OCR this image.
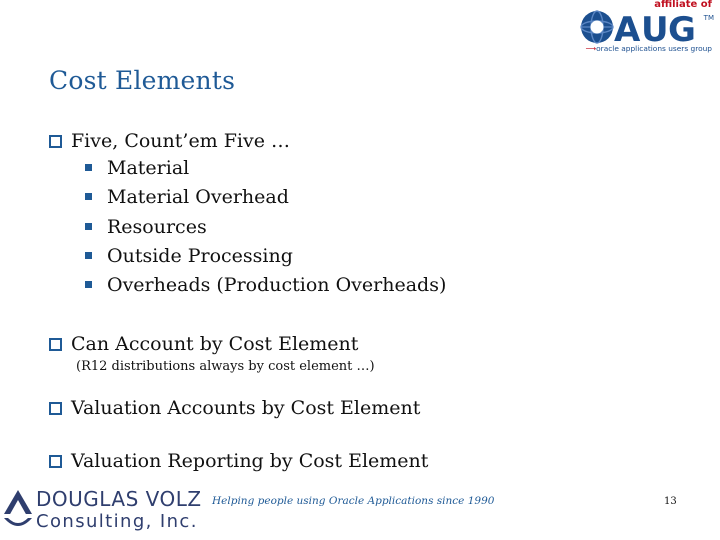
affiliate of
TM
A U G
⟶oracle applications users group
Cost Elements
Five, Count’em Five …
Material
Material Overhead
Resources
Outside Processing
Overheads (Production Overheads)
Can Account by Cost Element
(R12 distributions always by cost element …)
Valuation Accounts by Cost Element
Valuation Reporting by Cost Element
DOUGLAS VOLZ
Consulting, Inc.
Helping people using Oracle Applications since 1990	13
